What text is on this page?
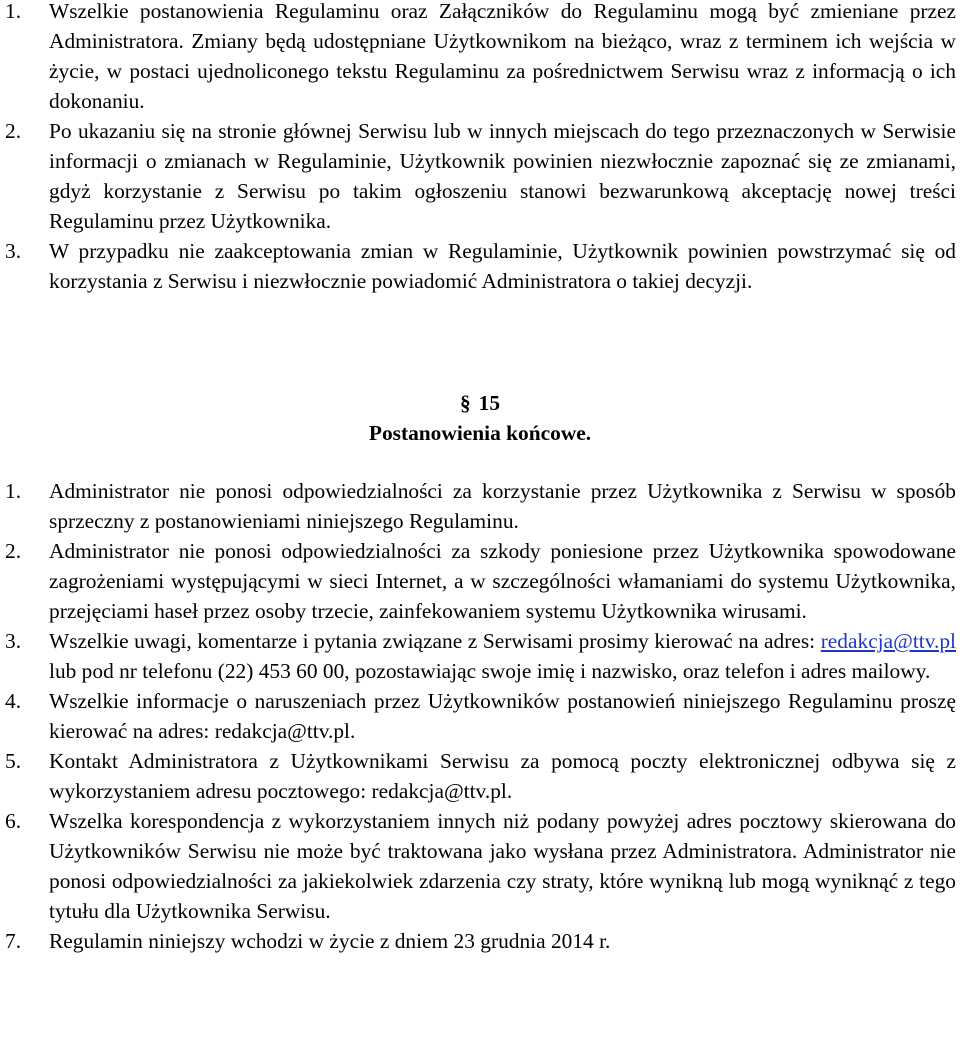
1. Wszelkie postanowienia Regulaminu oraz Załączników do Regulaminu mogą być zmieniane przez Administratora. Zmiany będą udostępniane Użytkownikom na bieżąco, wraz z terminem ich wejścia w życie, w postaci ujednoliconego tekstu Regulaminu za pośrednictwem Serwisu wraz z informacją o ich dokonaniu.
2. Po ukazaniu się na stronie głównej Serwisu lub w innych miejscach do tego przeznaczonych w Serwisie informacji o zmianach w Regulaminie, Użytkownik powinien niezwłocznie zapoznać się ze zmianami, gdyż korzystanie z Serwisu po takim ogłoszeniu stanowi bezwarunkową akceptację nowej treści Regulaminu przez Użytkownika.
3. W przypadku nie zaakceptowania zmian w Regulaminie, Użytkownik powinien powstrzymać się od korzystania z Serwisu i niezwłocznie powiadomić Administratora o takiej decyzji.
§ 15
Postanowienia końcowe.
1. Administrator nie ponosi odpowiedzialności za korzystanie przez Użytkownika z Serwisu w sposób sprzeczny z postanowieniami niniejszego Regulaminu.
2. Administrator nie ponosi odpowiedzialności za szkody poniesione przez Użytkownika spowodowane zagrożeniami występującymi w sieci Internet, a w szczególności włamaniami do systemu Użytkownika, przejęciami haseł przez osoby trzecie, zainfekowaniem systemu Użytkownika wirusami.
3. Wszelkie uwagi, komentarze i pytania związane z Serwisami prosimy kierować na adres: redakcja@ttv.pl lub pod nr telefonu (22) 453 60 00, pozostawiając swoje imię i nazwisko, oraz telefon i adres mailowy.
4. Wszelkie informacje o naruszeniach przez Użytkowników postanowień niniejszego Regulaminu proszę kierować na adres: redakcja@ttv.pl.
5. Kontakt Administratora z Użytkownikami Serwisu za pomocą poczty elektronicznej odbywa się z wykorzystaniem adresu pocztowego: redakcja@ttv.pl.
6. Wszelka korespondencja z wykorzystaniem innych niż podany powyżej adres pocztowy skierowana do Użytkowników Serwisu nie może być traktowana jako wysłana przez Administratora. Administrator nie ponosi odpowiedzialności za jakiekolwiek zdarzenia czy straty, które wynikną lub mogą wyniknąć z tego tytułu dla Użytkownika Serwisu.
7. Regulamin niniejszy wchodzi w życie z dniem 23 grudnia 2014 r.
